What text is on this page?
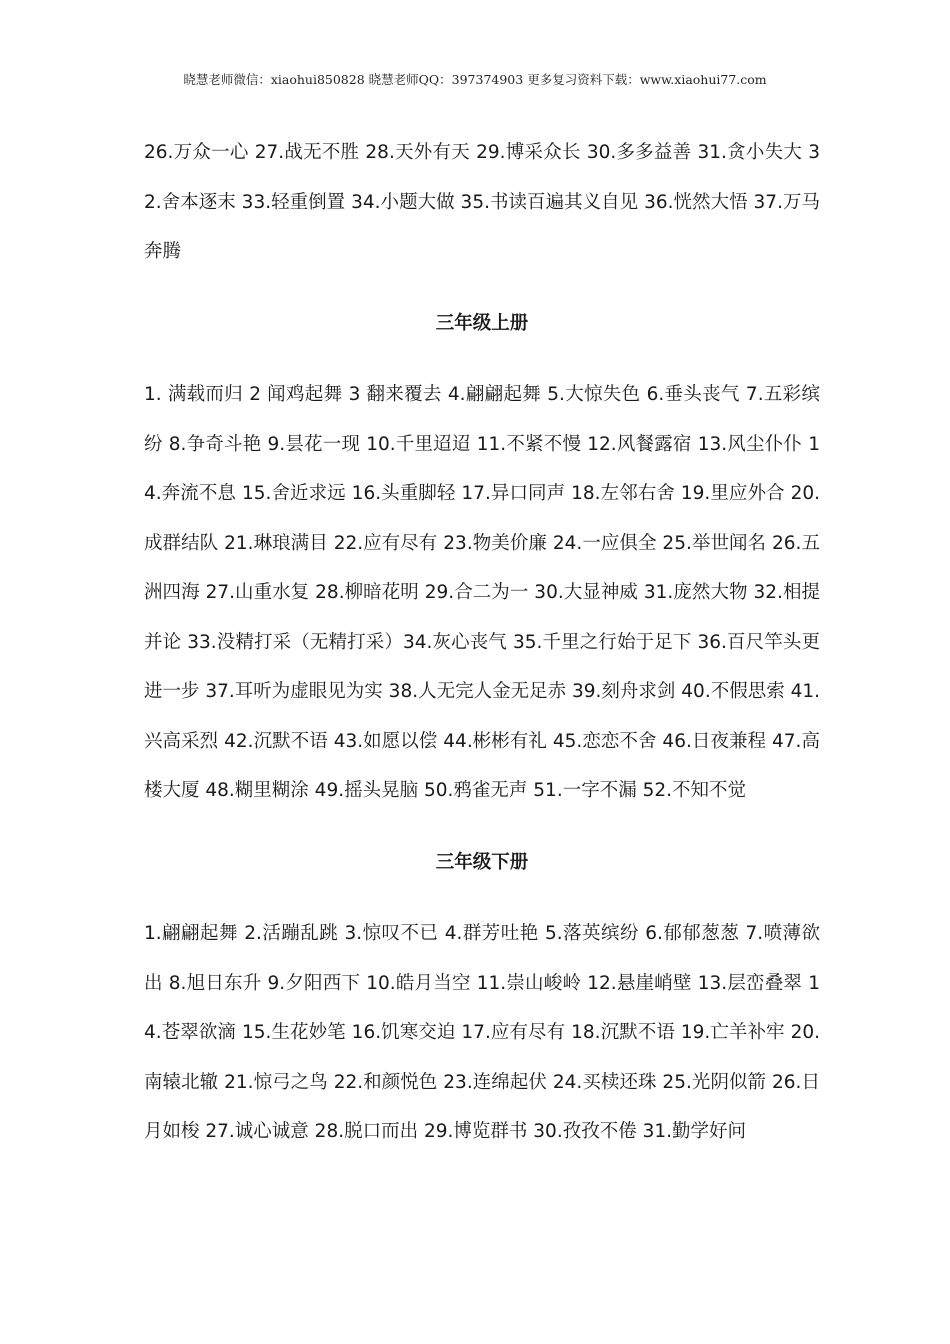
晓慧老师微信：xiaohui850828 晓慧老师QQ：397374903 更多复习资料下载：www.xiaohui77.com

26.万众一心 27.战无不胜 28.天外有天 29.博采众长 30.多多益善 31.贪小失大 32.舍本逐末 33.轻重倒置 34.小题大做 35.书读百遍其义自见 36.恍然大悟 37.万马奔腾

三年级上册

1. 满载而归 2 闻鸡起舞 3 翻来覆去 4.翩翩起舞 5.大惊失色 6.垂头丧气 7.五彩缤纷 8.争奇斗艳 9.昙花一现 10.千里迢迢 11.不紧不慢 12.风餐露宿 13.风尘仆仆 14.奔流不息 15.舍近求远 16.头重脚轻 17.异口同声 18.左邻右舍 19.里应外合 20.成群结队 21.琳琅满目 22.应有尽有 23.物美价廉 24.一应俱全 25.举世闻名 26.五洲四海 27.山重水复 28.柳暗花明 29.合二为一 30.大显神威 31.庞然大物 32.相提并论 33.没精打采（无精打采）34.灰心丧气 35.千里之行始于足下 36.百尺竿头更进一步 37.耳听为虚眼见为实 38.人无完人金无足赤 39.刻舟求剑 40.不假思索 41.兴高采烈 42.沉默不语 43.如愿以偿 44.彬彬有礼 45.恋恋不舍 46.日夜兼程 47.高楼大厦 48.糊里糊涂 49.摇头晃脑 50.鸦雀无声 51.一字不漏 52.不知不觉

三年级下册

1.翩翩起舞 2.活蹦乱跳 3.惊叹不已 4.群芳吐艳 5.落英缤纷 6.郁郁葱葱 7.喷薄欲出 8.旭日东升 9.夕阳西下 10.皓月当空 11.崇山峻岭 12.悬崖峭壁 13.层峦叠翠 14.苍翠欲滴 15.生花妙笔 16.饥寒交迫 17.应有尽有 18.沉默不语 19.亡羊补牢 20.南辕北辙 21.惊弓之鸟 22.和颜悦色 23.连绵起伏 24.买椟还珠 25.光阴似箭 26.日月如梭 27.诚心诚意 28.脱口而出 29.博览群书 30.孜孜不倦 31.勤学好问
